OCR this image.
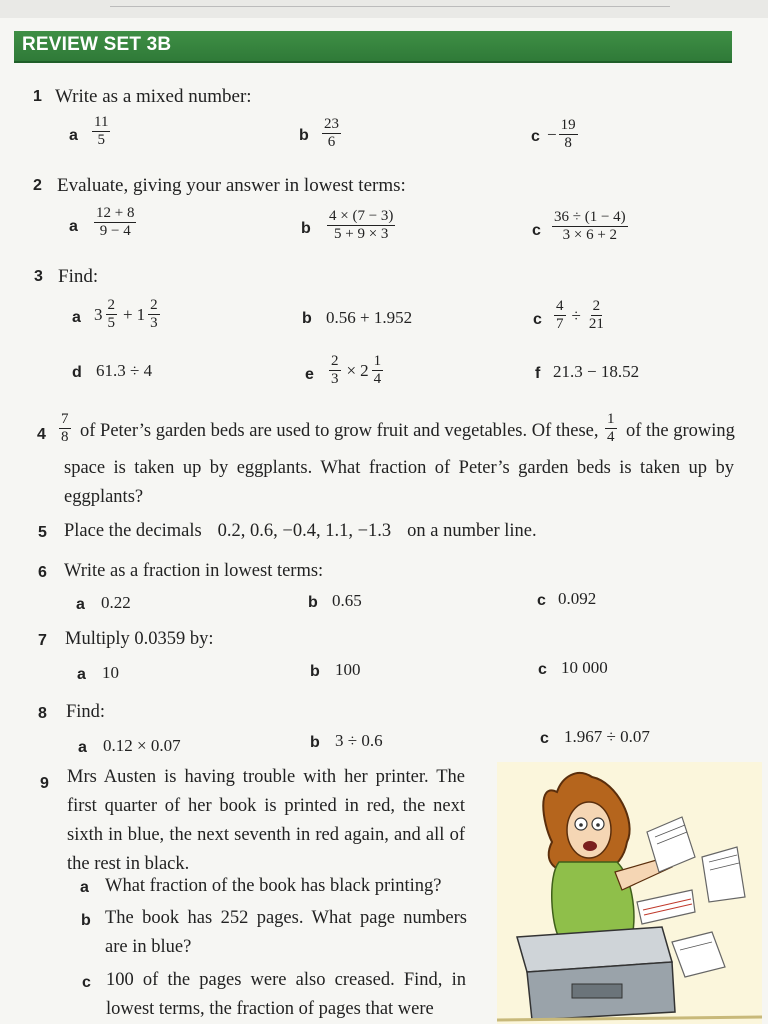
REVIEW SET 3B
1 Write as a mixed number:
a $\frac{11}{5}$	b $\frac{23}{6}$	$c - \frac{19}{8}$
2 Evaluate, giving your answer in lowest terms:
a $\frac{12 + 8}{9 - 4}$	b $\frac{4 \times (7 - 3)}{5 + 9 \times 3}$	c $\frac{36 \div (1 - 4)}{3 \times 6 + 2}$
3 Find:
a $3 \frac{2}{5} + 1 \frac{2}{3}$	b 0.56 + 1.952	c $\frac{4}{7} \div \frac{2}{21}$
d 61.3 ÷ 4	e $\frac{2}{3} \times 2 \frac{1}{4}$	f 21.3 − 18.52
$4 \frac{7}{8}$ of Peter’s garden beds are used to grow fruit and vegetables. Of these, $\frac{1}{4}$ of the growing
space is taken up by eggplants. What fraction of Peter’s garden beds is taken up by eggplants?
5 Place the decimals 0.2, 0.6, −0.4, 1.1, −1.3 on a number line.
6 Write as a fraction in lowest terms:
a 0.22	b 0.65	c 0.092
7 Multiply 0.0359 by:
a 10	b 100	c 10 000
8 Find:
a 0.12 × 0.07	b 3 ÷ 0.6	c 1.967 ÷ 0.07
9 Mrs Austen is having trouble with her printer. The first quarter of her book is printed in red, the next sixth in blue, the next seventh in red again, and all of the rest in black.
a What fraction of the book has black printing?
b The book has 252 pages. What page numbers are in blue?
c 100 of the pages were also creased. Find, in lowest terms, the fraction of pages that were
